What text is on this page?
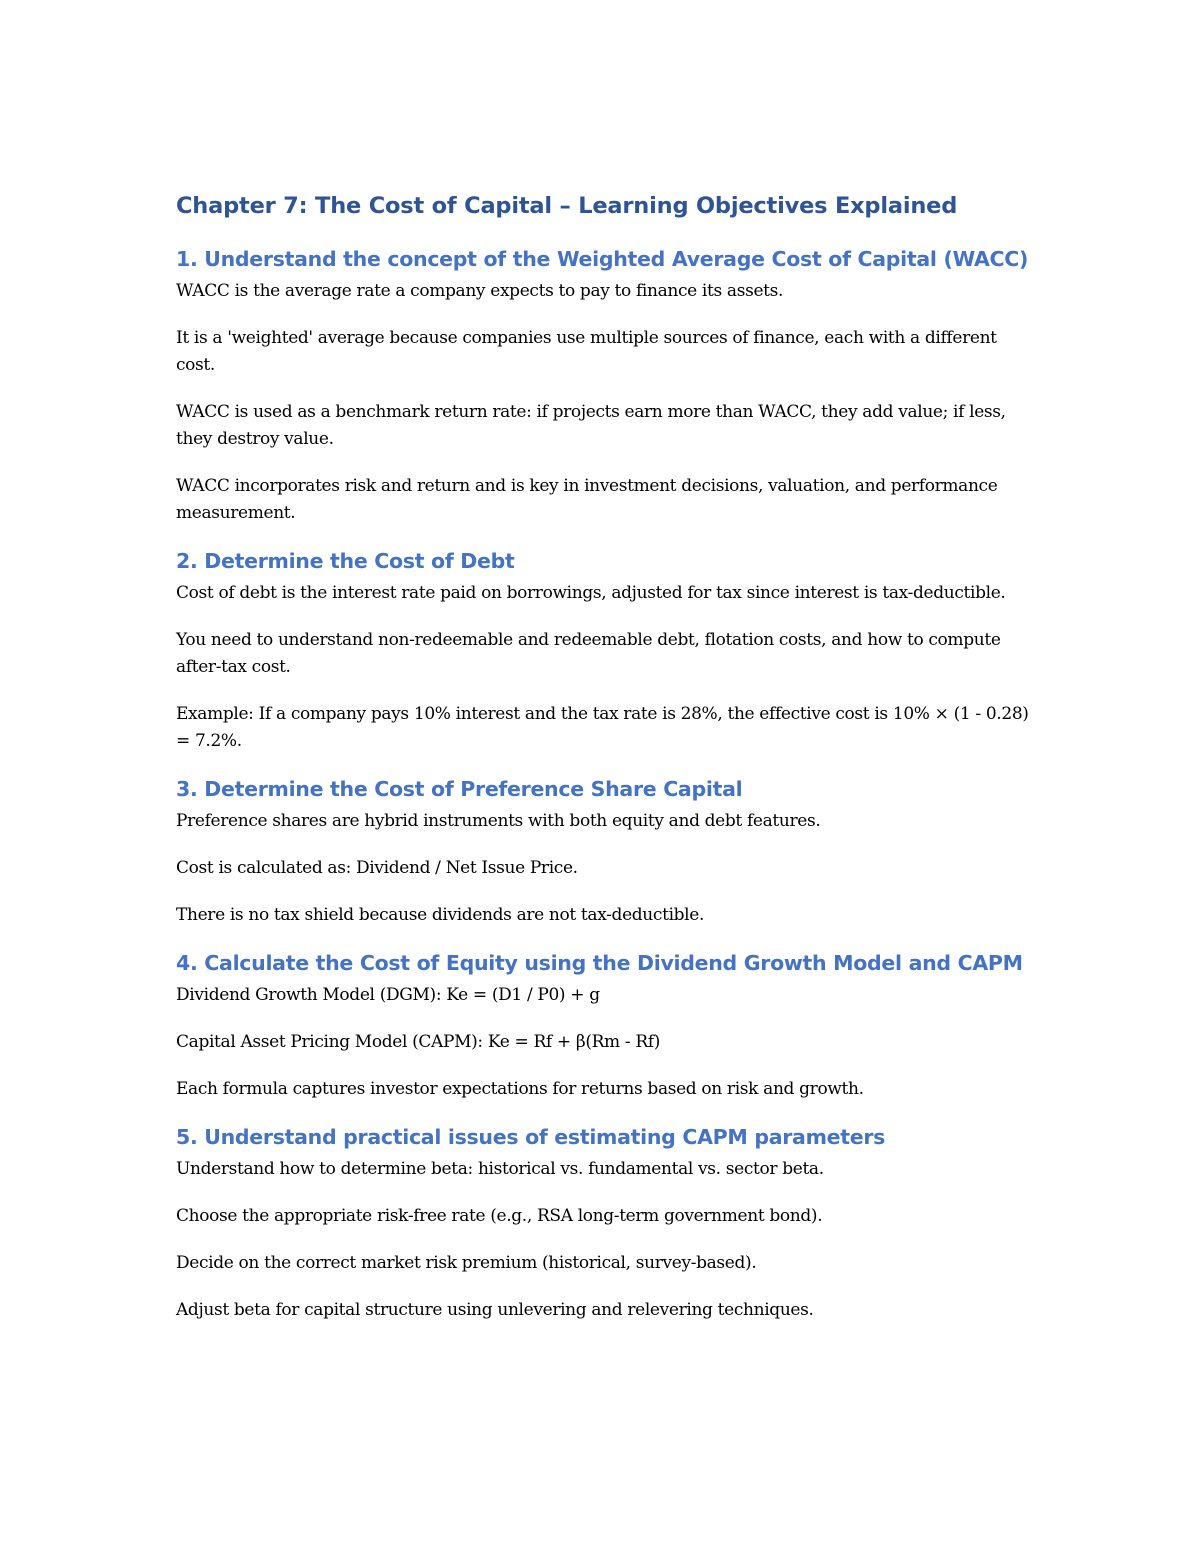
Chapter 7: The Cost of Capital – Learning Objectives Explained
1. Understand the concept of the Weighted Average Cost of Capital (WACC)

WACC is the average rate a company expects to pay to finance its assets.

It is a 'weighted' average because companies use multiple sources of finance, each with a different cost.

WACC is used as a benchmark return rate: if projects earn more than WACC, they add value; if less, they destroy value.

WACC incorporates risk and return and is key in investment decisions, valuation, and performance measurement.

2. Determine the Cost of Debt

Cost of debt is the interest rate paid on borrowings, adjusted for tax since interest is tax-deductible.

You need to understand non-redeemable and redeemable debt, flotation costs, and how to compute after-tax cost.

Example: If a company pays 10% interest and the tax rate is 28%, the effective cost is 10% × (1 - 0.28) = 7.2%.

3. Determine the Cost of Preference Share Capital

Preference shares are hybrid instruments with both equity and debt features.

Cost is calculated as: Dividend / Net Issue Price.

There is no tax shield because dividends are not tax-deductible.

4. Calculate the Cost of Equity using the Dividend Growth Model and CAPM

Dividend Growth Model (DGM): Ke = (D1 / P0) + g

Capital Asset Pricing Model (CAPM): Ke = Rf + β(Rm - Rf)

Each formula captures investor expectations for returns based on risk and growth.

5. Understand practical issues of estimating CAPM parameters

Understand how to determine beta: historical vs. fundamental vs. sector beta.

Choose the appropriate risk-free rate (e.g., RSA long-term government bond).

Decide on the correct market risk premium (historical, survey-based).

Adjust beta for capital structure using unlevering and relevering techniques.
